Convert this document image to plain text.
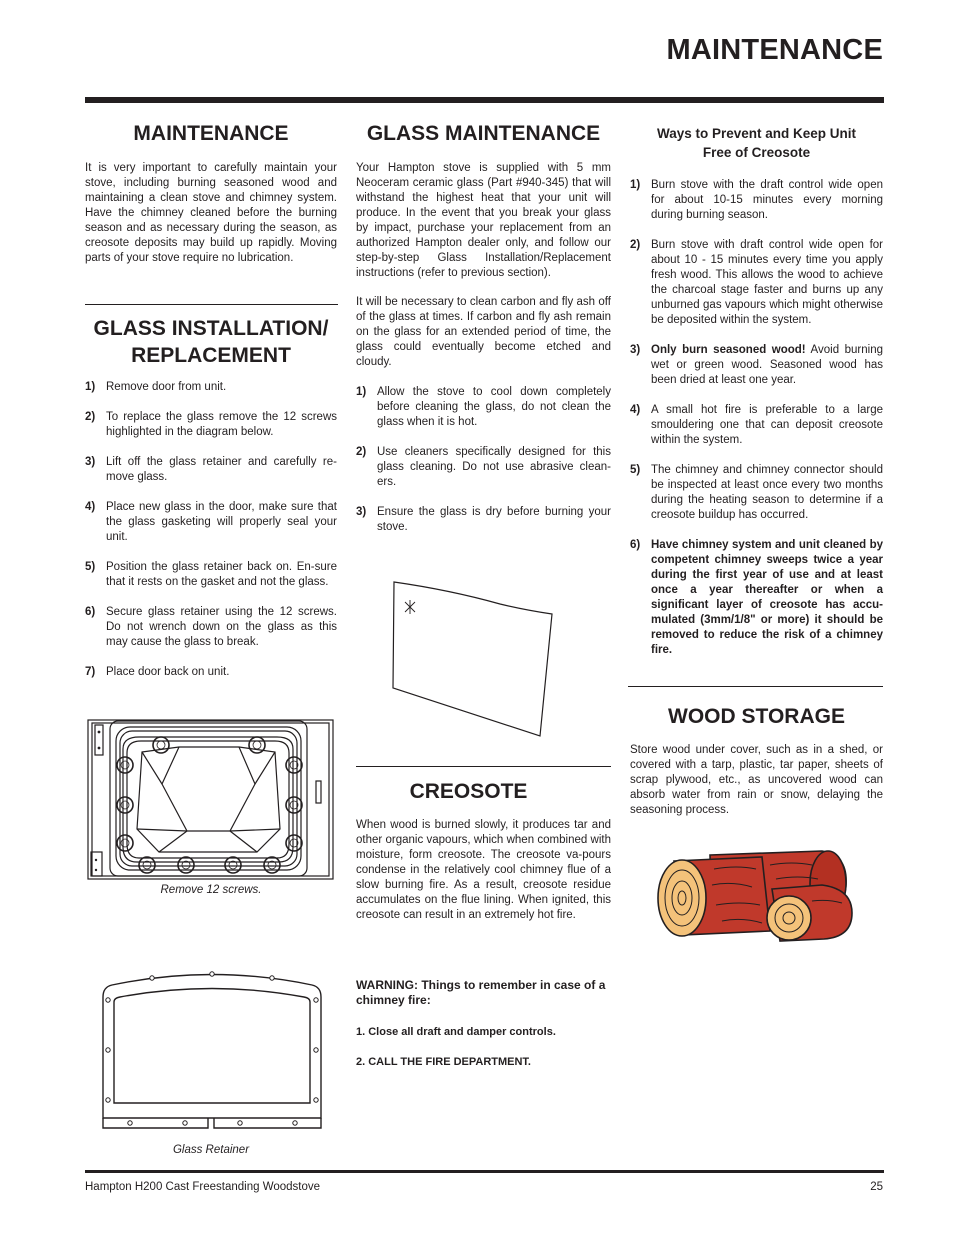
MAINTENANCE
MAINTENANCE
It is very important to carefully maintain your stove, including burning seasoned wood and maintaining a clean stove and chimney system. Have the chimney cleaned before the burning season and as necessary during the season, as creosote deposits may build up rapidly. Moving parts of your stove require no lubrication.
GLASS INSTALLATION/
REPLACEMENT
1) Remove door from unit.
2) To replace the glass remove the 12 screws highlighted in the diagram below.
3) Lift off the glass retainer and carefully re-move glass.
4) Place new glass in the door, make sure that the glass gasketing will properly seal your unit.
5) Position the glass retainer back on. En-sure that it rests on the gasket and not the glass.
6) Secure glass retainer using the 12 screws. Do not wrench down on the glass as this may cause the glass to break.
7) Place door back on unit.
Remove 12 screws.
Glass Retainer
GLASS MAINTENANCE
Your Hampton stove is supplied with 5 mm Neoceram ceramic glass (Part #940-345) that will withstand the highest heat that your unit will produce. In the event that you break your glass by impact, purchase your replacement from an authorized Hampton dealer only, and follow our step-by-step Glass Installation/Replacement instructions (refer to previous section).
It will be necessary to clean carbon and fly ash off of the glass at times. If carbon and fly ash remain on the glass for an extended period of time, the glass could eventually become etched and cloudy.
1) Allow the stove to cool down completely before cleaning the glass, do not clean the glass when it is hot.
2) Use cleaners specifically designed for this glass cleaning. Do not use abrasive clean-ers.
3) Ensure the glass is dry before burning your stove.
CREOSOTE
When wood is burned slowly, it produces tar and other organic vapours, which when combined with moisture, form creosote. The creosote va-pours condense in the relatively cool chimney flue of a slow burning fire. As a result, creosote residue accumulates on the flue lining. When ignited, this creosote can result in an extremely hot fire.
WARNING: Things to remember in case of a chimney fire:
1. Close all draft and damper controls.
2. CALL THE FIRE DEPARTMENT.
Ways to Prevent and Keep Unit
Free of Creosote
1) Burn stove with the draft control wide open for about 10-15 minutes every morning during burning season.
2) Burn stove with draft control wide open for about 10 - 15 minutes every time you apply fresh wood. This allows the wood to achieve the charcoal stage faster and burns up any unburned gas vapours which might otherwise be deposited within the system.
3) Only burn seasoned wood! Avoid burning wet or green wood. Seasoned wood has been dried at least one year.
4) A small hot fire is preferable to a large smouldering one that can deposit creosote within the system.
5) The chimney and chimney connector should be inspected at least once every two months during the heating season to determine if a creosote buildup has occurred.
6) Have chimney system and unit cleaned by competent chimney sweeps twice a year during the first year of use and at least once a year thereafter or when a significant layer of creosote has accu-mulated (3mm/1/8" or more) it should be removed to reduce the risk of a chimney fire.
WOOD STORAGE
Store wood under cover, such as in a shed, or covered with a tarp, plastic, tar paper, sheets of scrap plywood, etc., as uncovered wood can absorb water from rain or snow, delaying the seasoning process.
Hampton H200 Cast Freestanding Woodstove	25
